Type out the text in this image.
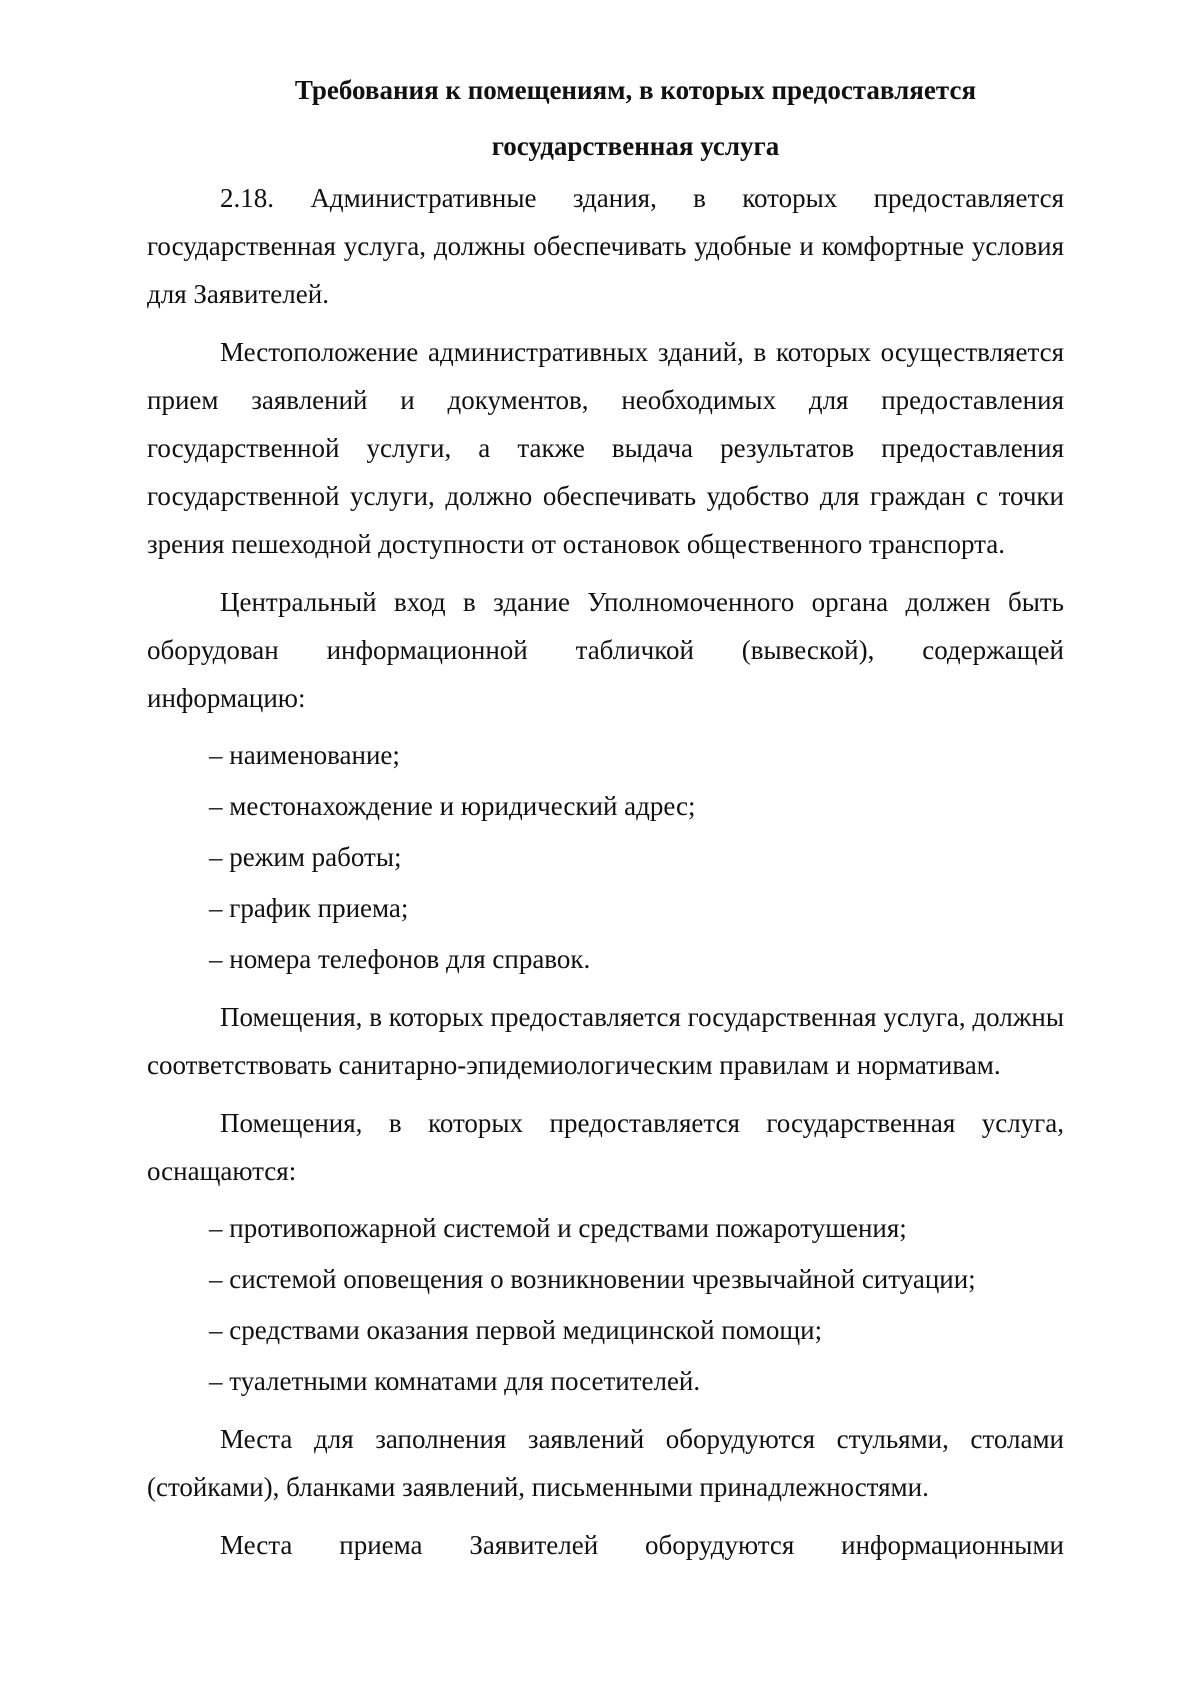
Требования к помещениям, в которых предоставляется
государственная услуга

2.18. Административные здания, в которых предоставляется государственная услуга, должны обеспечивать удобные и комфортные условия для Заявителей.

Местоположение административных зданий, в которых осуществляется прием заявлений и документов, необходимых для предоставления государственной услуги, а также выдача результатов предоставления государственной услуги, должно обеспечивать удобство для граждан с точки зрения пешеходной доступности от остановок общественного транспорта.

Центральный вход в здание Уполномоченного органа должен быть оборудован информационной табличкой (вывеской), содержащей информацию:

– наименование;
– местонахождение и юридический адрес;
– режим работы;
– график приема;
– номера телефонов для справок.

Помещения, в которых предоставляется государственная услуга, должны соответствовать санитарно-эпидемиологическим правилам и нормативам.

Помещения, в которых предоставляется государственная услуга, оснащаются:

– противопожарной системой и средствами пожаротушения;
– системой оповещения о возникновении чрезвычайной ситуации;
– средствами оказания первой медицинской помощи;
– туалетными комнатами для посетителей.

Места для заполнения заявлений оборудуются стульями, столами (стойками), бланками заявлений, письменными принадлежностями.

Места приема Заявителей оборудуются информационными
